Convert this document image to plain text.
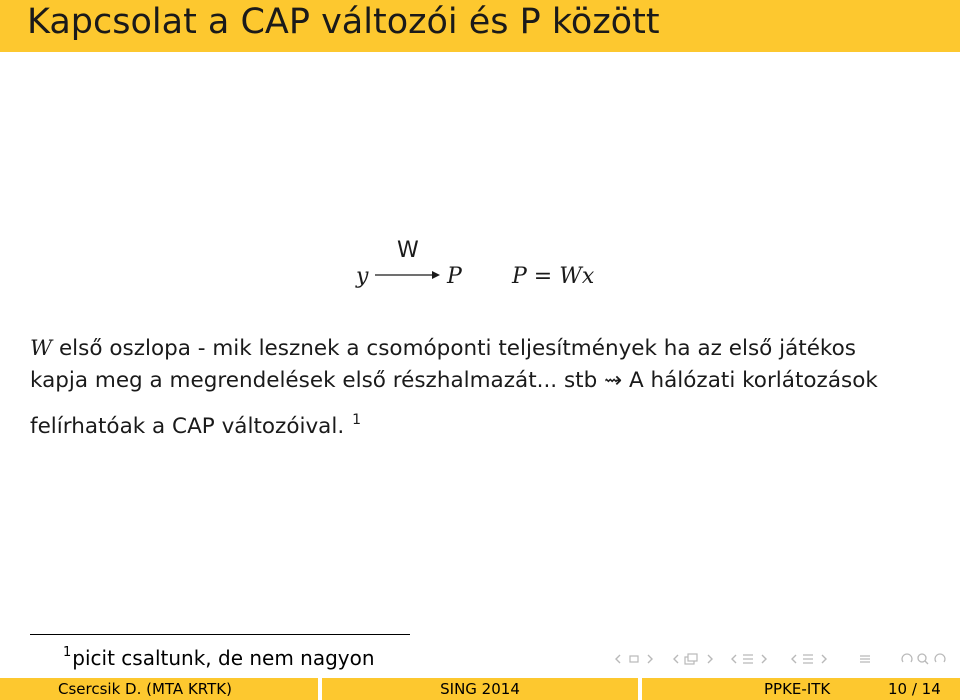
Kapcsolat a CAP változói és P között
y
W
P P = Wx

W első oszlopa - mik lesznek a csomóponti teljesítmények ha az első játékos

kapja meg a megrendelések első részhalmazát... stb ⇝ A hálózati korlátozások

felírhatóak a CAP változóival. $^1$

$^1$picit csaltunk, de nem nagyon
Csercsik D. (MTA KRTK)	SING 2014	PPKE-ITK	10 / 14
